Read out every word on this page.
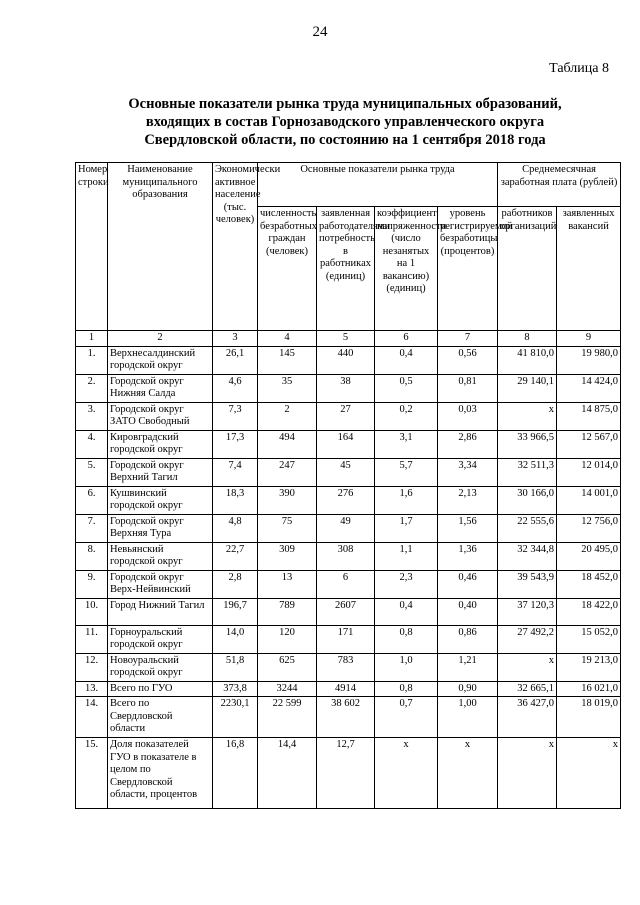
24
Таблица 8
Основные показатели рынка труда муниципальных образований,
входящих в состав Горнозаводского управленческого округа
Свердловской области, по состоянию на 1 сентября 2018 года
Номер строки	Наименование муниципального образования	Экономически активное население (тыс. человек)	Основные показатели рынка труда				Среднемесячная заработная плата (рублей)	
			численность безработных граждан (человек)	заявленная работодателями потребность в работниках (единиц)	коэффициент напряженности (число незанятых на 1 вакансию) (единиц)	уровень регистрируемой безработицы (процентов)	работников организаций	заявленных вакансий
1	2	3	4	5	6	7	8	9
1.	Верхнесалдинский городской округ	26,1	145	440	0,4	0,56	41 810,0	19 980,0
2.	Городской округ Нижняя Салда	4,6	35	38	0,5	0,81	29 140,1	14 424,0
3.	Городской округ ЗАТО Свободный	7,3	2	27	0,2	0,03	х	14 875,0
4.	Кировградский городской округ	17,3	494	164	3,1	2,86	33 966,5	12 567,0
5.	Городской округ Верхний Тагил	7,4	247	45	5,7	3,34	32 511,3	12 014,0
6.	Кушвинский городской округ	18,3	390	276	1,6	2,13	30 166,0	14 001,0
7.	Городской округ Верхняя Тура	4,8	75	49	1,7	1,56	22 555,6	12 756,0
8.	Невьянский городской округ	22,7	309	308	1,1	1,36	32 344,8	20 495,0
9.	Городской округ Верх-Нейвинский	2,8	13	6	2,3	0,46	39 543,9	18 452,0
10.	Город Нижний Тагил	196,7	789	2607	0,4	0,40	37 120,3	18 422,0
11.	Горноуральский городской округ	14,0	120	171	0,8	0,86	27 492,2	15 052,0
12.	Новоуральский городской округ	51,8	625	783	1,0	1,21	х	19 213,0
13.	Всего по ГУО	373,8	3244	4914	0,8	0,90	32 665,1	16 021,0
14.	Всего по Свердловской области	2230,1	22 599	38 602	0,7	1,00	36 427,0	18 019,0
15.	Доля показателей ГУО в показателе в целом по Свердловской области, процентов	16,8	14,4	12,7	х	х	х	х
